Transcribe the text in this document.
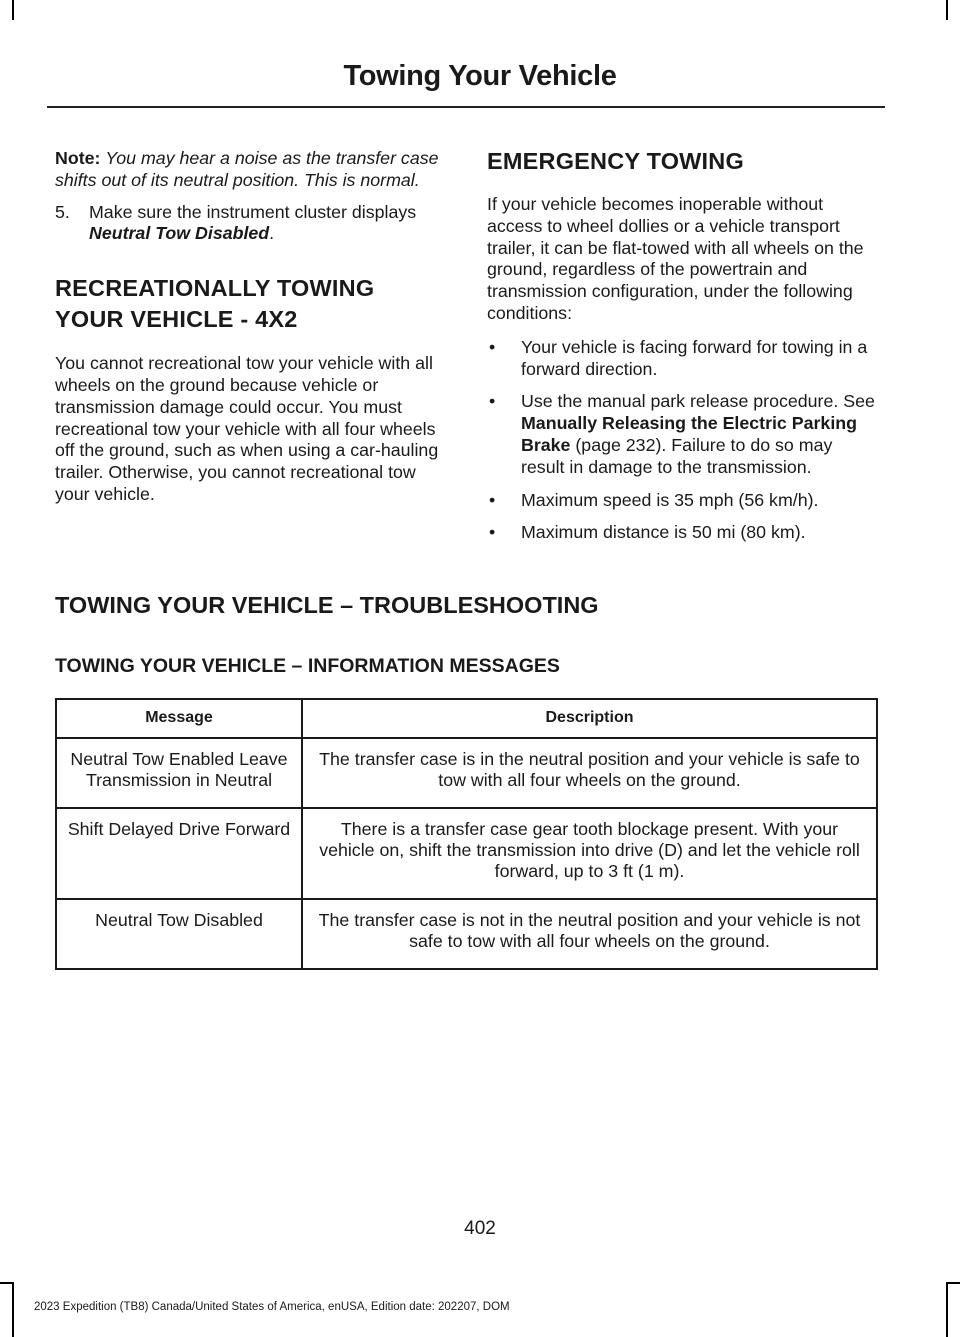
Towing Your Vehicle

Note: You may hear a noise as the transfer case shifts out of its neutral position. This is normal.

5. Make sure the instrument cluster displays Neutral Tow Disabled.

RECREATIONALLY TOWING
YOUR VEHICLE - 4X2

You cannot recreational tow your vehicle with all wheels on the ground because vehicle or transmission damage could occur. You must recreational tow your vehicle with all four wheels off the ground, such as when using a car-hauling trailer. Otherwise, you cannot recreational tow your vehicle.

EMERGENCY TOWING

If your vehicle becomes inoperable without access to wheel dollies or a vehicle transport trailer, it can be flat-towed with all wheels on the ground, regardless of the powertrain and transmission configuration, under the following conditions:

• Your vehicle is facing forward for towing in a forward direction.
• Use the manual park release procedure. See Manually Releasing the Electric Parking Brake (page 232). Failure to do so may result in damage to the transmission.
• Maximum speed is 35 mph (56 km/h).
• Maximum distance is 50 mi (80 km).
TOWING YOUR VEHICLE – TROUBLESHOOTING
TOWING YOUR VEHICLE – INFORMATION MESSAGES
Message	Description
Neutral Tow Enabled Leave Transmission in Neutral	The transfer case is in the neutral position and your vehicle is safe to tow with all four wheels on the ground.
Shift Delayed Drive Forward	There is a transfer case gear tooth blockage present. With your vehicle on, shift the transmission into drive (D) and let the vehicle roll forward, up to 3 ft (1 m).
Neutral Tow Disabled	The transfer case is not in the neutral position and your vehicle is not safe to tow with all four wheels on the ground.
402
2023 Expedition (TB8) Canada/United States of America, enUSA, Edition date: 202207, DOM
